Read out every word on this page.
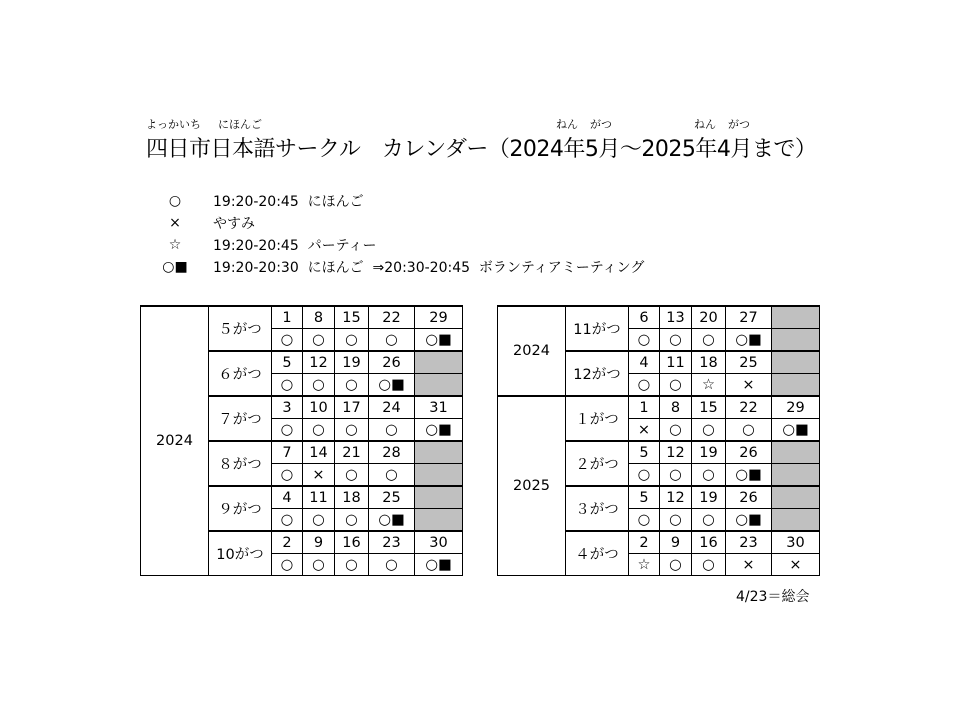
よっかいち にほんご	ねん がつ	ねん がつ
四日市日本語サークル　カレンダー（2024年5月～2025年4月まで）
○	19:20-20:45  にほんご
×	やすみ
☆	19:20-20:45  パーティー
○■	19:20-20:30  にほんご  ⇒20:30-20:45  ボランティアミーティング
2024	５がつ	1	8	15	22	29
		○	○	○	○	○■
	６がつ	5	12	19	26	
		○	○	○	○■	
	７がつ	3	10	17	24	31
		○	○	○	○	○■
	８がつ	7	14	21	28	
		○	×	○	○	
	９がつ	4	11	18	25	
		○	○	○	○■	
	10がつ	2	9	16	23	30
		○	○	○	○	○■
2024	11がつ	6	13	20	27	
		○	○	○	○■	
	12がつ	4	11	18	25	
		○	○	☆	×	
2025	１がつ	1	8	15	22	29
		×	○	○	○	○■
	２がつ	5	12	19	26	
		○	○	○	○■	
	３がつ	5	12	19	26	
		○	○	○	○■	
	４がつ	2	9	16	23	30
		☆	○	○	×	×
4/23＝総会
